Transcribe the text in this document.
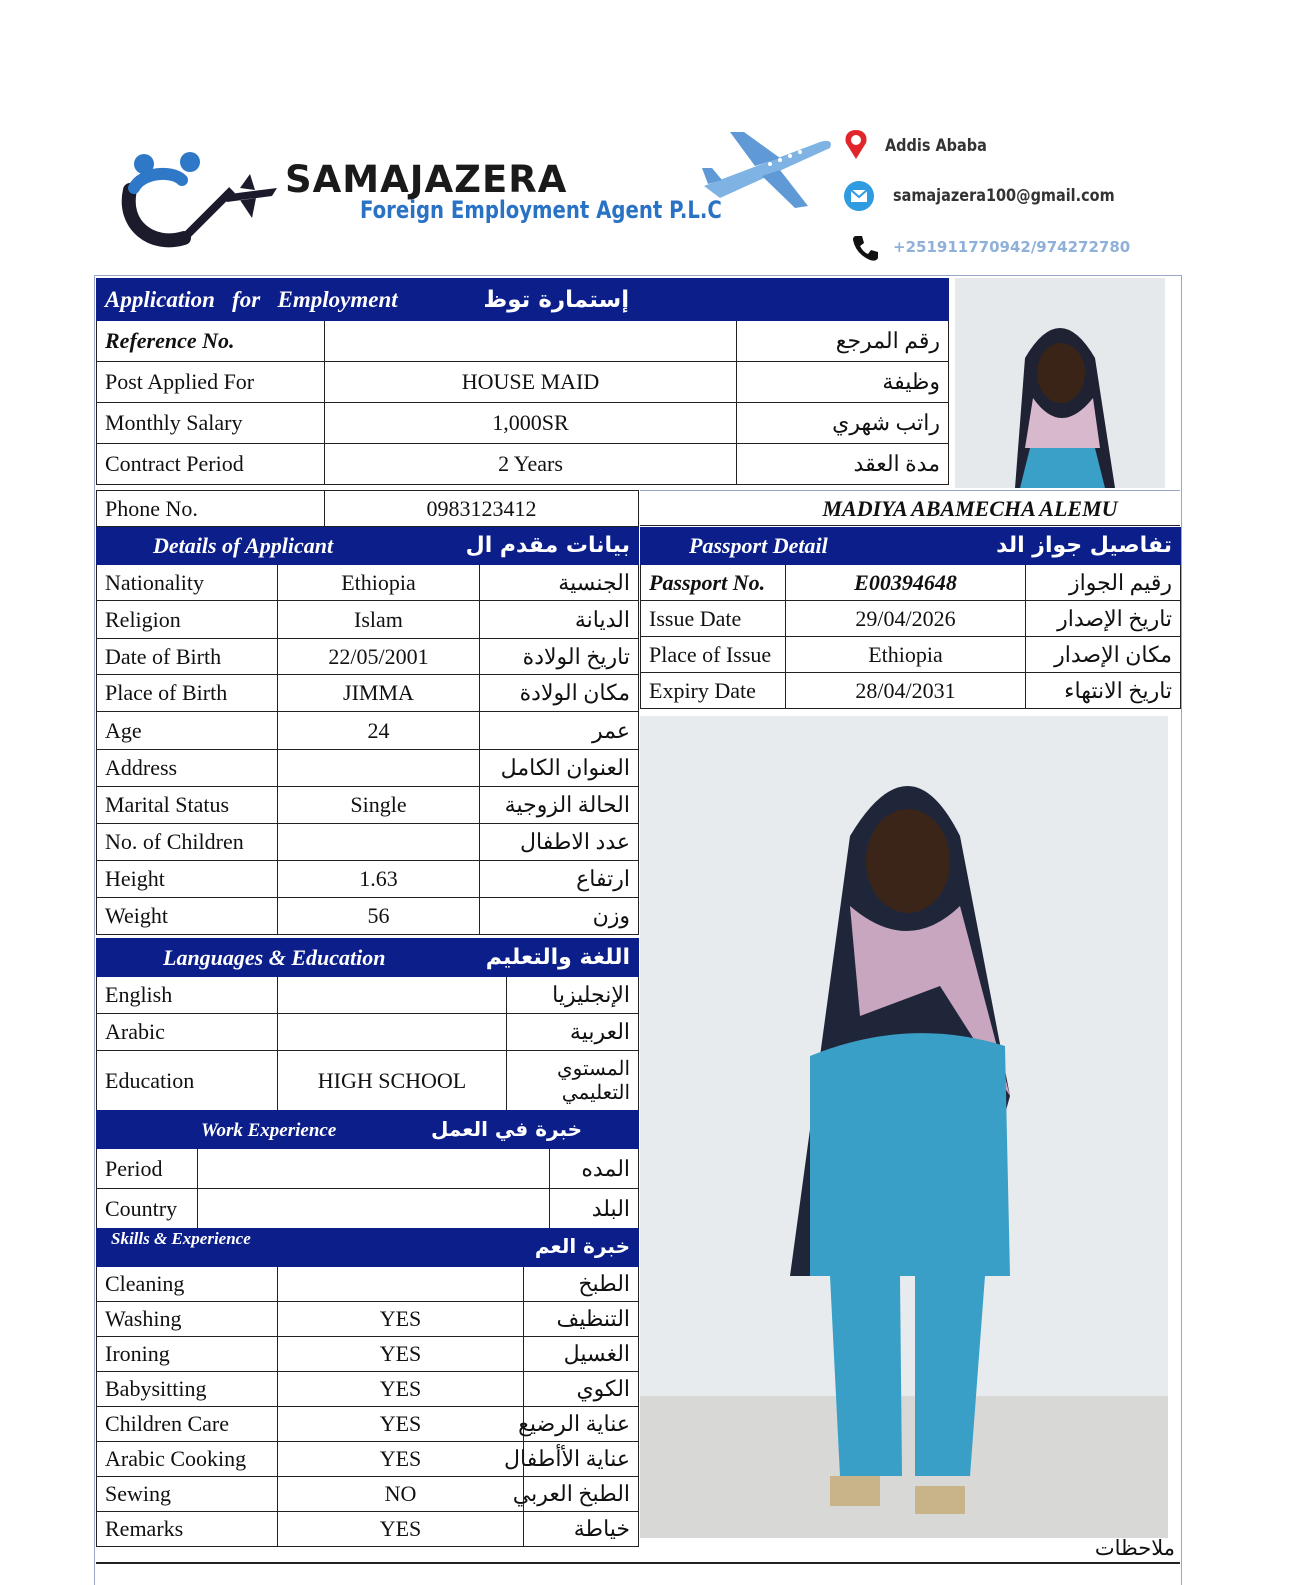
SAMAJAZERA
Foreign Employment Agent P.L.C
Addis Ababa
samajazera100@gmail.com
+251911770942/974272780
Application   for   Employment إستمارة توظ		
Reference No.		رقم المرجع
Post Applied For	HOUSE MAID	وظيفة
Monthly Salary	1,000SR	راتب شهري
Contract Period	2 Years	مدة العقد
Phone No.	0983123412	MADIYA ABAMECHA ALEMU
Details of Applicant بيانات مقدم ال		

Nationality	Ethiopia	الجنسية
Religion	Islam	الديانة
Date of Birth	22/05/2001	تاريخ الولادة
Place of Birth	JIMMA	مكان الولادة
Age	24	عمر
Address		العنوان الكامل
Marital Status	Single	الحالة الزوجية
No. of Children		عدد الاطفال
Height	1.63	ارتفاع
Weight	56	وزن
Passport Detail تفاصيل جواز الد		

Passport No.	E00394648	رقيم الجواز
Issue Date	29/04/2026	تاريخ الإصدار
Place of Issue	Ethiopia	مكان الإصدار
Expiry Date	28/04/2031	تاريخ الانتهاء
Languages & Education اللغة والتعليم		

English		الإنجليزيا
Arabic		العربية
Education	HIGH SCHOOL	المستوي التعليمي
Work Experience خبرة في العمل		
Period		المده
Country		البلد
Skills & Experience خبرة العم		

Cleaning		الطبخ
Washing	YES	التنظيف
Ironing	YES	الغسيل
Babysitting	YES	الكوي
Children Care	YES	عناية الرضيع
Arabic Cooking	YES	عناية الأأطفال
Sewing	NO	الطبخ العربي
Remarks	YES	خياطة
ملاحظات
